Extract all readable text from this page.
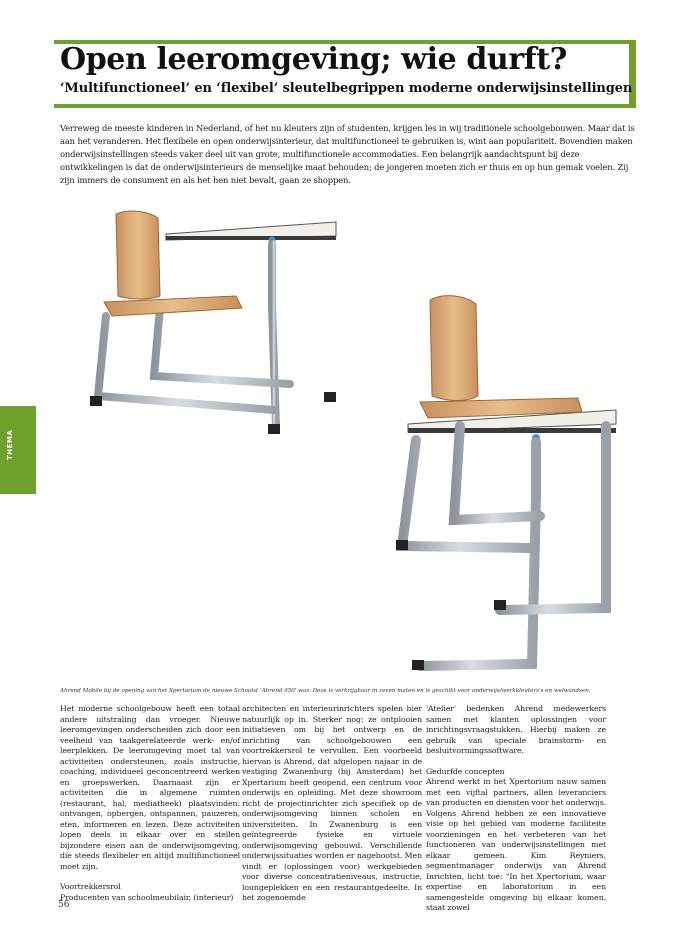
Open leeromgeving; wie durft?
‘Multifunctioneel’ en ‘flexibel’ sleutelbegrippen moderne onderwijsinstellingen
Verreweg de meeste kinderen in Nederland, of het nu kleuters zijn of studenten, krijgen les in wij traditionele schoolgebouwen. Maar dat is aan het veranderen. Het flexibele en open onderwijsinterieur, dat multifunctioneel te gebruiken is, wint aan populariteit. Bovendien maken onderwijsinstellingen steeds vaker deel uit van grote, multifunctionele accommodaties. Een belangrijk aandachtspunt bij deze ontwikkelingen is dat de onderwijsinterieurs de menselijke maat behouden; de jongeren moeten zich er thuis en op hun gemak voelen. Zij zijn immers de consument en als het hen niet bevalt, gaan ze shoppen.
THEMA
Ahrend Mobile bij de opening van het Xpertarium de nieuwe Schoolst 'Ahrend 950' was. Deze is verkrijgbaar in zeven maten en is geschikt voor onderwijs/werkkleuters's en welwandsen.

Het moderne schoolgebouw heeft een totaal andere uitstraling dan vroeger. Nieuwe leeromgevingen onderscheiden zich door een veelheid van taakgerelateerde werk- en/of leerplekken. De leeromgeving moet tal van activiteiten ondersteunen, zoals instructie, coaching, individueel geconcentreerd werken en groepswerken. Daarnaast zijn er activiteiten die in algemene ruimten (restaurant, hal, mediatheek) plaatsvinden: ontvangen, opbergen, ontspannen, pauzeren, eten, informeren en lezen. Deze activiteiten lopen deels in elkaar over en stellen bijzondere eisen aan de onderwijsomgeving, die steeds flexibeler en altijd multifunctioneel moet zijn.

Voortrekkersrol

Producenten van schoolmeubilair, (interieur)

architecten en interieurinrichters spelen hier natuurlijk op in. Sterker nog: ze ontplooien initiatieven om bij het ontwerp en de inrichting van schoolgebouwen een voortrekkersrol te vervullen. Een voorbeeld hiervan is Ahrend, dat afgelopen najaar in de vestiging Zwanenburg (bij Amsterdam) het Xpertarium heeft geopend, een centrum voor onderwijs en opleiding. Met deze showroom richt de projectinrichter zich specifiek op de onderwijsomgeving binnen scholen en universiteiten. In Zwanenburg is een geïntegreerde fysieke en virtuele onderwijsomgeving gebouwd. Verschillende onderwijssituaties worden er nagebootst. Men vindt er (oplossingen voor) werkgebieden voor diverse concentratieniveaus, instructie, loungeplekken en een restaurantgedeelte. In het zogenoemde

'Atelier' bedenken Ahrend medewerkers samen met klanten oplossingen voor inrichtingsvraagstukken. Hierbij maken ze gebruik van speciale brainstorm- en besluitvormingssoftware.

Gedurfde concepten

Ahrend werkt in het Xpertorium nauw samen met een vijftal partners, allen leveranciers van producten en diensten voor het onderwijs. Volgens Ahrend hebben ze een innovatieve visie op het gebied van moderne faciliteite voorzieningen en het verbeteren van het functioneren van onderwijsinstellingen met elkaar gemeen. Kim Reyniers, segmentmanager onderwijs van Ahrend Inrichten, licht toe: "In het Xpertorium, waar expertise en laboratorium in een samengestelde omgeving bij elkaar komen, staat zowel

56
